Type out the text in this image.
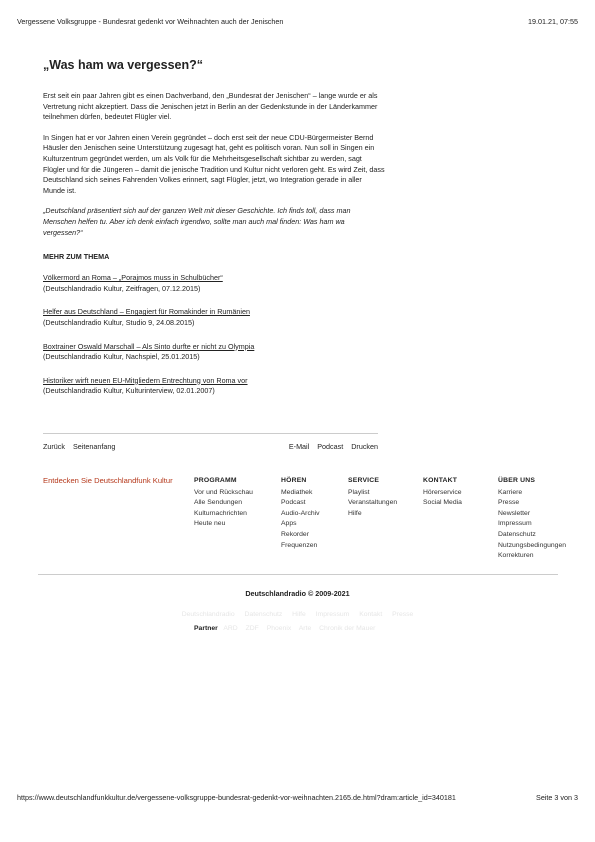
Vergessene Volksgruppe - Bundesrat gedenkt vor Weihnachten auch der Jenischen	19.01.21, 07:55
„Was ham wa vergessen?“

Erst seit ein paar Jahren gibt es einen Dachverband, den „Bundesrat der Jenischen“ – lange wurde er als Vertretung nicht akzeptiert. Dass die Jenischen jetzt in Berlin an der Gedenkstunde in der Länderkammer teilnehmen dürfen, bedeutet Flügler viel.

In Singen hat er vor Jahren einen Verein gegründet – doch erst seit der neue CDU-Bürgermeister Bernd Häusler den Jenischen seine Unterstützung zugesagt hat, geht es politisch voran. Nun soll in Singen ein Kulturzentrum gegründet werden, um als Volk für die Mehrheitsgesellschaft sichtbar zu werden, sagt Flügler und für die Jüngeren – damit die jenische Tradition und Kultur nicht verloren geht. Es wird Zeit, dass Deutschland sich seines Fahrenden Volkes erinnert, sagt Flügler, jetzt, wo Integration gerade in aller Munde ist.

„Deutschland präsentiert sich auf der ganzen Welt mit dieser Geschichte. Ich finds toll, dass man Menschen helfen tu. Aber ich denk einfach irgendwo, sollte man auch mal finden: Was ham wa vergessen?“

MEHR ZUM THEMA
Völkermord an Roma – „Porajmos muss in Schulbücher“
(Deutschlandradio Kultur, Zeitfragen, 07.12.2015)
Helfer aus Deutschland – Engagiert für Romakinder in Rumänien
(Deutschlandradio Kultur, Studio 9, 24.08.2015)
Boxtrainer Oswald Marschall – Als Sinto durfte er nicht zu Olympia
(Deutschlandradio Kultur, Nachspiel, 25.01.2015)
Historiker wirft neuen EU-Mitgliedern Entrechtung von Roma vor
(Deutschlandradio Kultur, Kulturinterview, 02.01.2007)
Zurück Seitenanfang	E-Mail Podcast Drucken
Entdecken Sie Deutschlandfunk Kultur	PROGRAMM
Vor und Rückschau
Alle Sendungen
Kulturnachrichten
Heute neu
HÖREN
Mediathek
Podcast
Audio-Archiv
Apps
Rekorder
Frequenzen
SERVICE
Playlist
Veranstaltungen
Hilfe
KONTAKT
Hörerservice
Social Media
ÜBER UNS
Karriere
Presse
Newsletter
Impressum
Datenschutz
Nutzungsbedingungen
Korrekturen
Deutschlandradio © 2009-2021
Deutschlandradio Datenschutz Hilfe Impressum Kontakt Presse
Partner ARD ZDF Phoenix Arte Chronik der Mauer
https://www.deutschlandfunkkultur.de/vergessene-volksgruppe-bundesrat-gedenkt-vor-weihnachten.2165.de.html?dram:article_id=340181	Seite 3 von 3
